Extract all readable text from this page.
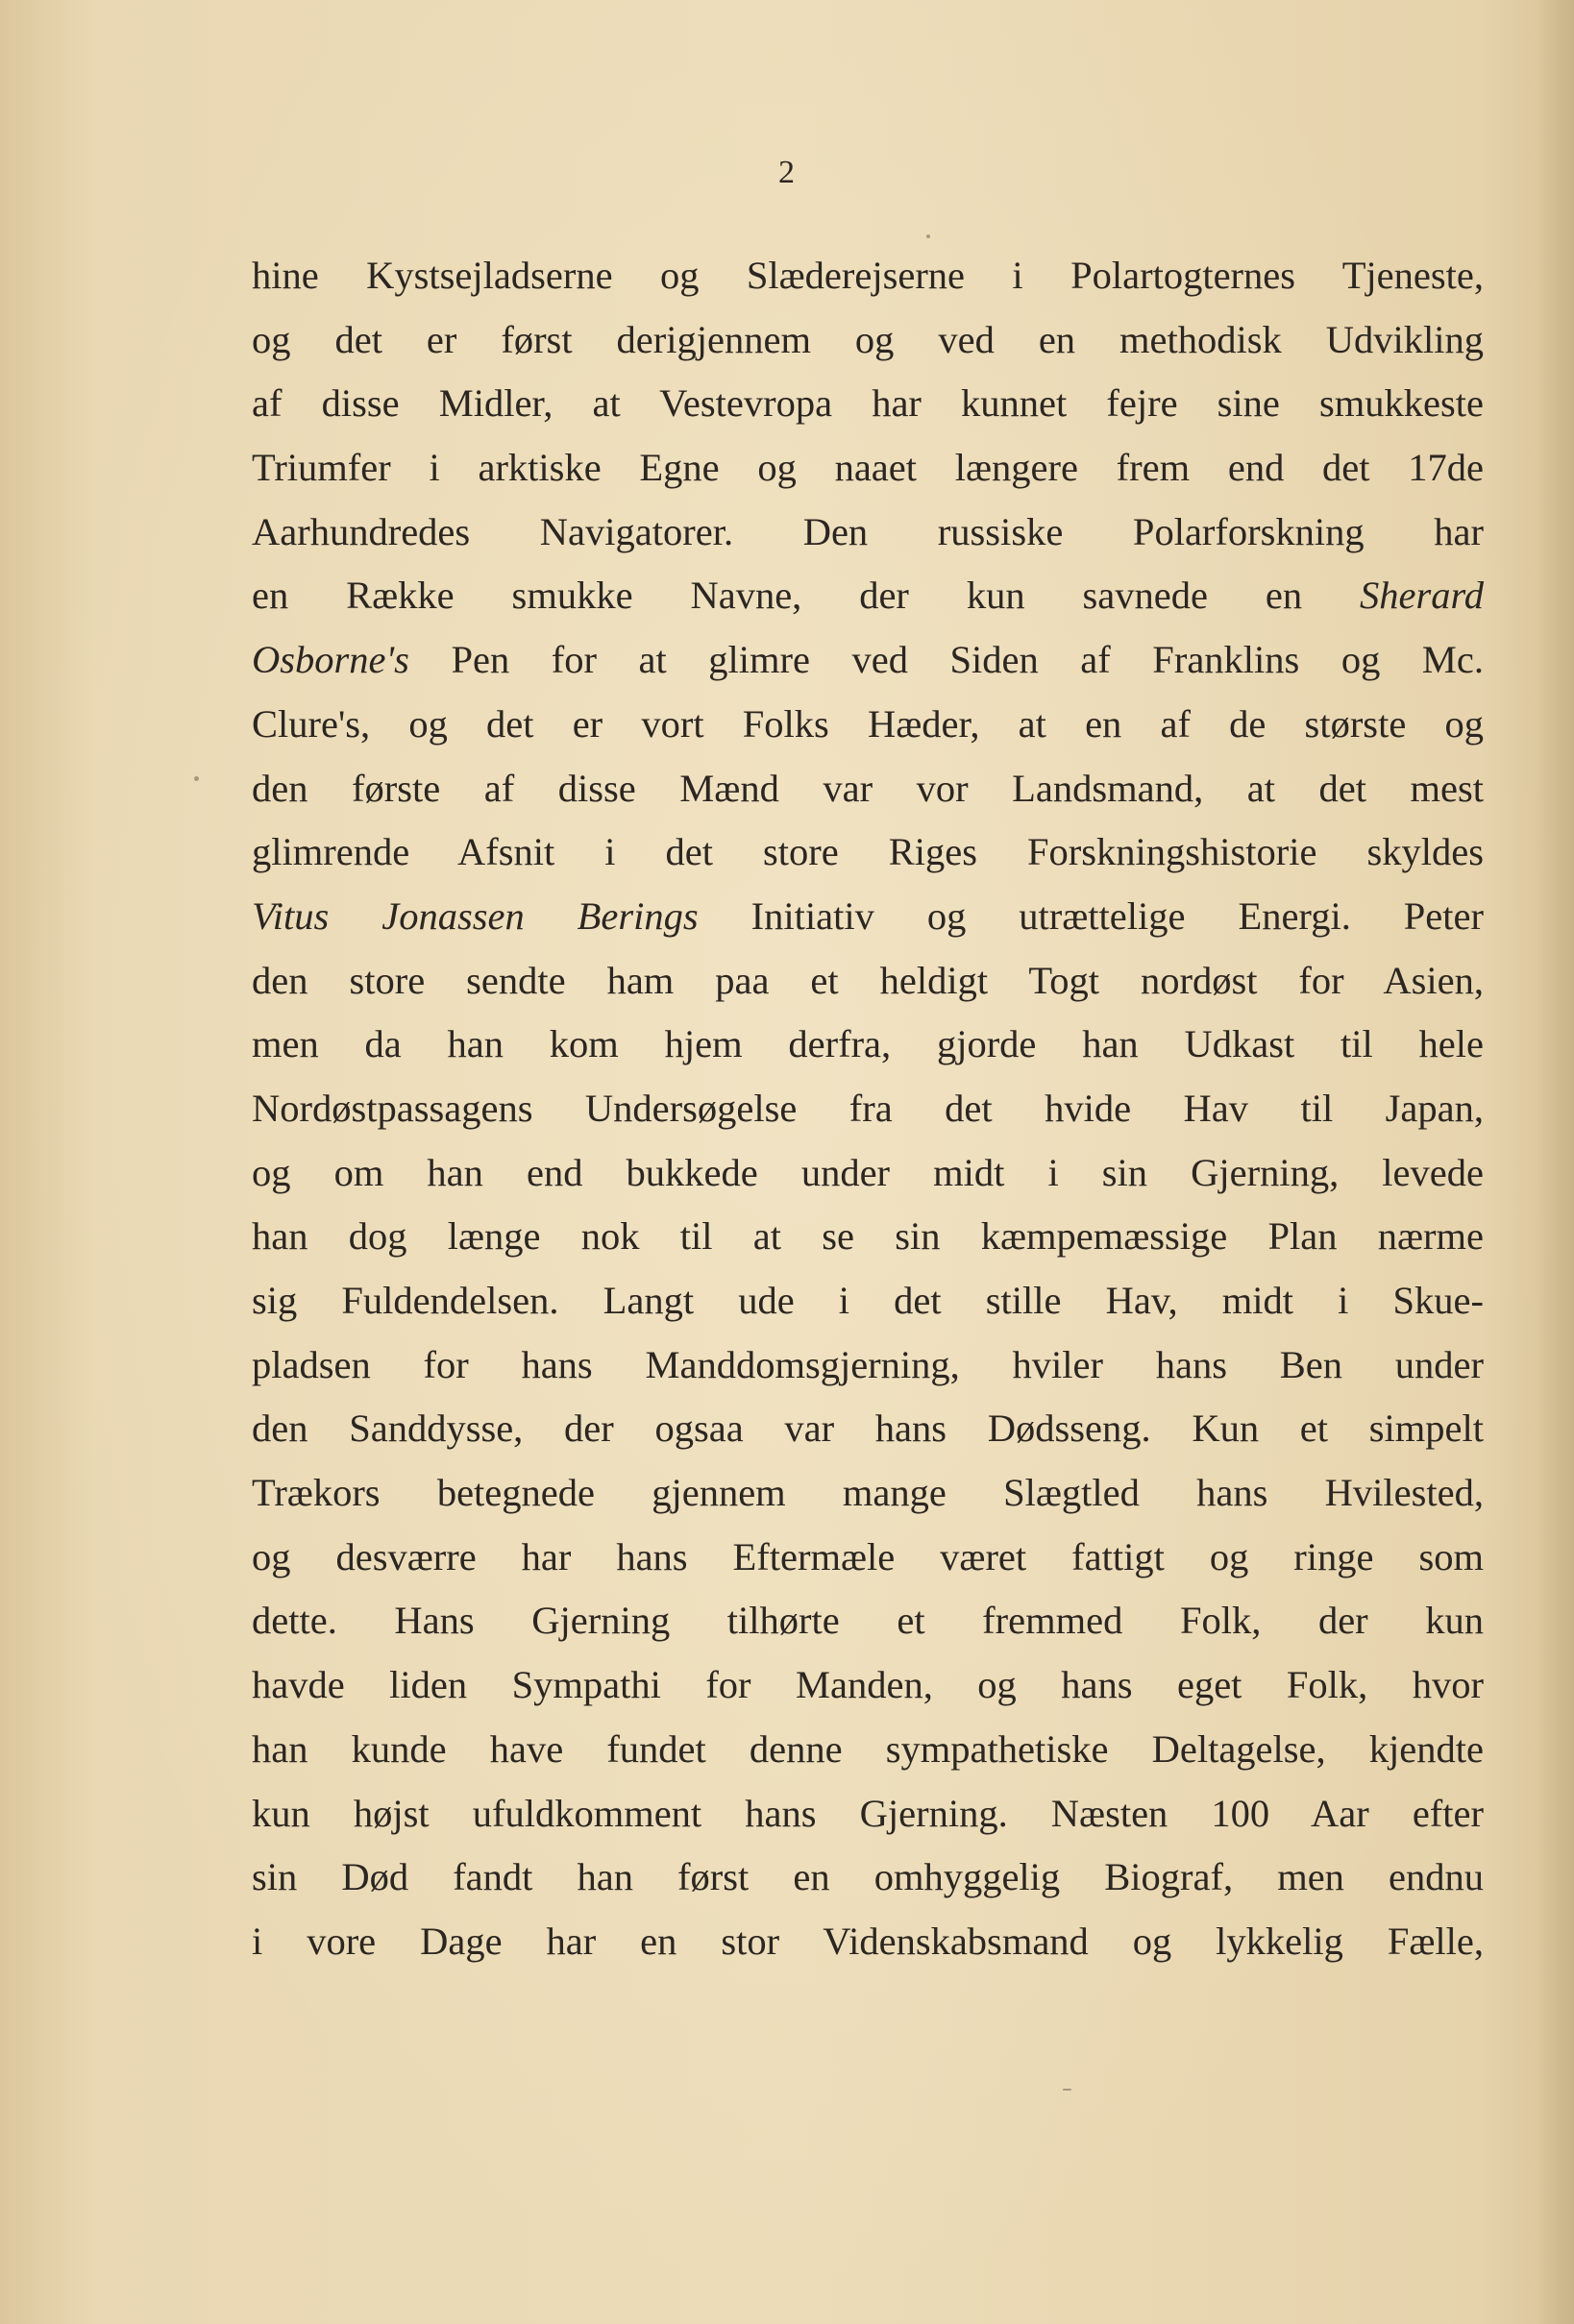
2
hine Kystsejladserne og Slæderejserne i Polartogternes Tjeneste,
og det er først derigjennem og ved en methodisk Udvikling
af disse Midler, at Vestevropa har kunnet fejre sine smukkeste
Triumfer i arktiske Egne og naaet længere frem end det 17de
Aarhundredes Navigatorer. Den russiske Polarforskning har
en Række smukke Navne, der kun savnede en Sherard
Osborne's Pen for at glimre ved Siden af Franklins og Mc.
Clure's, og det er vort Folks Hæder, at en af de største og
den første af disse Mænd var vor Landsmand, at det mest
glimrende Afsnit i det store Riges Forskningshistorie skyldes
Vitus Jonassen Berings Initiativ og utrættelige Energi. Peter
den store sendte ham paa et heldigt Togt nordøst for Asien,
men da han kom hjem derfra, gjorde han Udkast til hele
Nordøstpassagens Undersøgelse fra det hvide Hav til Japan,
og om han end bukkede under midt i sin Gjerning, levede
han dog længe nok til at se sin kæmpemæssige Plan nærme
sig Fuldendelsen. Langt ude i det stille Hav, midt i Skue-
pladsen for hans Manddomsgjerning, hviler hans Ben under
den Sanddysse, der ogsaa var hans Dødsseng. Kun et simpelt
Trækors betegnede gjennem mange Slægtled hans Hvilested,
og desværre har hans Eftermæle været fattigt og ringe som
dette. Hans Gjerning tilhørte et fremmed Folk, der kun
havde liden Sympathi for Manden, og hans eget Folk, hvor
han kunde have fundet denne sympathetiske Deltagelse, kjendte
kun højst ufuldkomment hans Gjerning. Næsten 100 Aar efter
sin Død fandt han først en omhyggelig Biograf, men endnu
i vore Dage har en stor Videnskabsmand og lykkelig Fælle,
